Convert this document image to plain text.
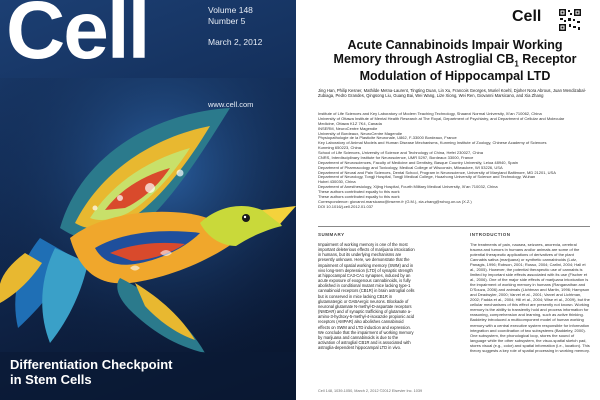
Cell	Volume 148
Number 5
March 2, 2012
www.cell.com
Differentiation Checkpoint
in Stem Cells
Cell
Acute Cannabinoids Impair Working
Memory through Astroglial $CB_1$ Receptor
Modulation of Hippocampal LTD
Jing Han, Philip Kesner, Mathilde Metna-Laurent, Tingting Duan, Lin Xu, Francois Georges, Muriel Koehl, Djoher Nora Abrous, Juan Mendizabal-Zubiaga, Pedro Grandes, Qingsong Liu, Guang Bai, Wei Wang, Lize Xiong, Wei Ren, Giovanni Marsicano, and Xia Zhang
Institute of Life Sciences and Key Laboratory of Modern Teaching Technology, Shaanxi Normal University, Xi'an 710062, China
University of Ottawa Institute of Mental Health Research at The Royal, Department of Psychiatry, and Department of Cellular and Molecular
Medicine, Ottawa K1Z 7K4, Canada
INSERM, NeuroCentre Magendie
University of Bordeaux, NeuroCentre Magendie
Physiopathologie de la Plasticite Neuronale, U862, F-33000 Bordeaux, France
Key Laboratory of Animal Models and Human Disease Mechanisms, Kunming Institute of Zoology, Chinese Academy of Sciences
Kunming 650223, China
School of Life Sciences, University of Science and Technology of China, Hefei 230027, China
CNRS, Interdisciplinary Institute for Neuroscience, UMR 5297, Bordeaux 33000, France
Department of Neurosciences, Faculty of Medicine and Dentistry, Basque Country University, Leioa 48940, Spain
Department of Pharmacology and Toxicology, Medical College of Wisconsin, Milwaukee, WI 53226, USA
Department of Neural and Pain Sciences, Dental School, Program in Neuroscience, University of Maryland Baltimore, MD 21201, USA
Department of Neurology, Tongji Hospital, Tongji Medical College, Huazhong University of Science and Technology, Wuhan
Hubei 430030, China
Department of Anesthesiology, Xijing Hospital, Fourth Military Medical University, Xi'an 710032, China
These authors contributed equally to this work
These authors contributed equally to this work
Correspondence: giovanni.marsicano@inserm.fr (G.M.), xia.zhang@rohcg.on.ca (X.Z.)
DOI 10.1016/j.cell.2012.01.037
SUMMARY	INTRODUCTION
Impairment of working memory is one of the most important deleterious effects of marijuana intoxication in humans, but its underlying mechanisms are presently unknown. Here, we demonstrate that the impairment of spatial working memory (SWM) and in vivo long-term depression (LTD) of synaptic strength at hippocampal CA3-CA1 synapses, induced by an acute exposure of exogenous cannabinoids, is fully abolished in conditional mutant mice lacking type-1 cannabinoid receptors (CB1R) in brain astroglial cells but is conserved in mice lacking CB1R in glutamatergic or GABAergic neurons. Blockade of neuronal glutamate N-methyl-D-aspartate receptors (NMDAR) and of synaptic trafficking of glutamate a-amino-3-hydroxy-5-methyl-4-isoxazole propionic acid receptors (AMPAR) also abolishes cannabinoid effects on SWM and LTD induction and expression. We conclude that the impairment of working memory by marijuana and cannabinoids is due to the activation of astroglial CB1R and is associated with astroglia-dependent hippocampal LTD in vivo.
The treatments of pain, nausea, seizures, anorexia, cerebral trauma and tumors in humans and/or animals are some of the potential therapeutic applications of derivatives of the plant Cannabis sativa (marijuana) or synthetic cannabinoids (Lutz, Panagis, 1996; Robson, 2001; Russo, 2004; Carlini, 2004; Hall et al., 2005). However, the potential therapeutic use of cannabis is limited by important side effects associated with its use (Fischer et al., 2006). One of the major side effects of marijuana intoxication is the impairment of working memory in humans (Ranganathan and D'Souza, 2006) and animals (Lichtman and Martin, 1996; Hampson and Deadwyler, 2000; Varvel et al., 2001; Varvel and Lichtman, 2002; Fadda et al., 2004; Hill et al., 2004; Wise et al., 2009), but the cellular mechanisms of this effect are presently not known. Working memory is the ability to transiently hold and process information for reasoning, comprehension and learning, such as active thinking. Baddeley introduced a multicomponent model of human working memory with a central executive system responsible for information integration and coordination of two subsystems (Baddeley, 2000). One subsystem, the phonological loop, stores the sound of language while the other subsystem, the visuo-spatial sketch pad, stores visual (e.g., color) and spatial information (i.e., location). This theory suggests a key role of spatial processing in working memory.
Cell 148, 1039-1050, March 2, 2012 ©2012 Elsevier Inc. 1039
